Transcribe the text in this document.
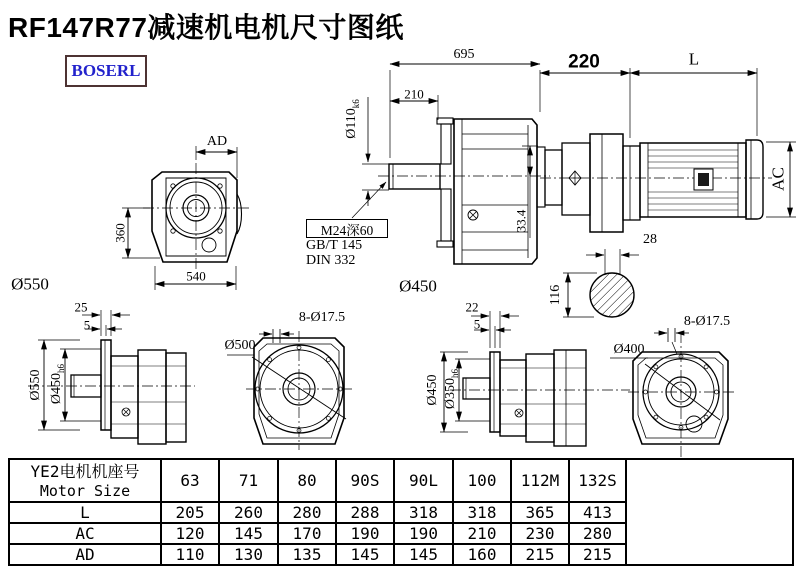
RF147R77减速机电机尺寸图纸
BOSERL
AD
360
540
Ø550
695
210
$Ø110_{k6}$
M24深60
GB/T 145
DIN 332
33.4
Ø450
220	L
AC
28
116
25
5
Ø550 $Ø450_{h6}$
8-Ø17.5
Ø500
22
5
Ø450 $Ø350_{h6}$
8-Ø17.5
Ø400
YE2电机机座号
Motor Size	63	71	80	90S	90L	100	112M	132S	
L	205	260	280	288	318	318	365	413	
AC	120	145	170	190	190	210	230	280	
AD	110	130	135	145	145	160	215	215	
